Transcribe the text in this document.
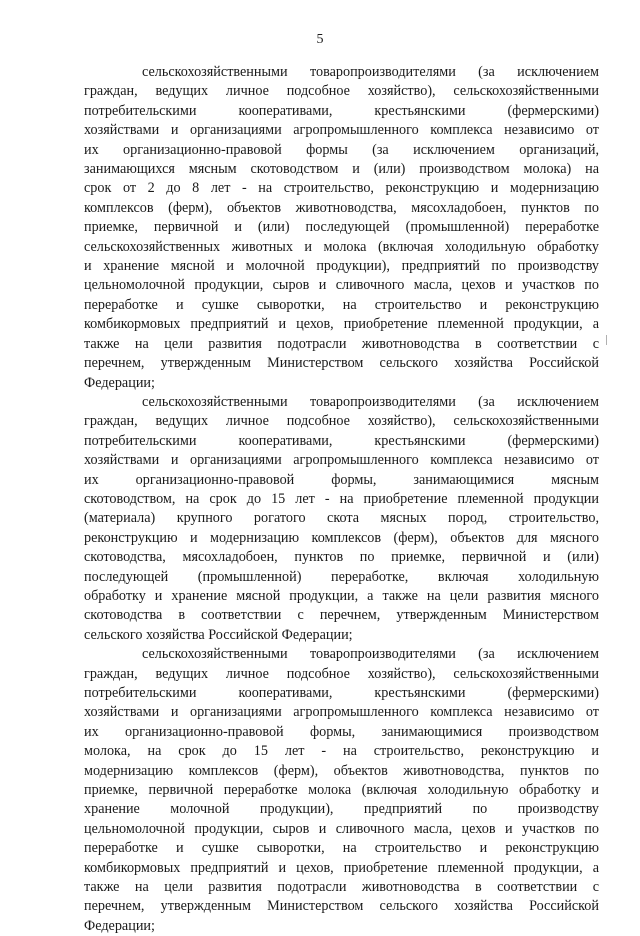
5
сельскохозяйственными товаропроизводителями (за исключением
граждан, ведущих личное подсобное хозяйство), сельскохозяйственными
потребительскими кооперативами, крестьянскими (фермерскими)
хозяйствами и организациями агропромышленного комплекса независимо от
их организационно-правовой формы (за исключением организаций,
занимающихся мясным скотоводством и (или) производством молока) на
срок от 2 до 8 лет - на строительство, реконструкцию и модернизацию
комплексов (ферм), объектов животноводства, мясохладобоен, пунктов по
приемке, первичной и (или) последующей (промышленной) переработке
сельскохозяйственных животных и молока (включая холодильную обработку
и хранение мясной и молочной продукции), предприятий по производству
цельномолочной продукции, сыров и сливочного масла, цехов и участков по
переработке и сушке сыворотки, на строительство и реконструкцию
комбикормовых предприятий и цехов, приобретение племенной продукции, а
также на цели развития подотрасли животноводства в соответствии с
перечнем, утвержденным Министерством сельского хозяйства Российской
Федерации;
сельскохозяйственными товаропроизводителями (за исключением
граждан, ведущих личное подсобное хозяйство), сельскохозяйственными
потребительскими кооперативами, крестьянскими (фермерскими)
хозяйствами и организациями агропромышленного комплекса независимо от
их организационно-правовой формы, занимающимися мясным
скотоводством, на срок до 15 лет - на приобретение племенной продукции
(материала) крупного рогатого скота мясных пород, строительство,
реконструкцию и модернизацию комплексов (ферм), объектов для мясного
скотоводства, мясохладобоен, пунктов по приемке, первичной и (или)
последующей (промышленной) переработке, включая холодильную
обработку и хранение мясной продукции, а также на цели развития мясного
скотоводства в соответствии с перечнем, утвержденным Министерством
сельского хозяйства Российской Федерации;
сельскохозяйственными товаропроизводителями (за исключением
граждан, ведущих личное подсобное хозяйство), сельскохозяйственными
потребительскими кооперативами, крестьянскими (фермерскими)
хозяйствами и организациями агропромышленного комплекса независимо от
их организационно-правовой формы, занимающимися производством
молока, на срок до 15 лет - на строительство, реконструкцию и
модернизацию комплексов (ферм), объектов животноводства, пунктов по
приемке, первичной переработке молока (включая холодильную обработку и
хранение молочной продукции), предприятий по производству
цельномолочной продукции, сыров и сливочного масла, цехов и участков по
переработке и сушке сыворотки, на строительство и реконструкцию
комбикормовых предприятий и цехов, приобретение племенной продукции, а
также на цели развития подотрасли животноводства в соответствии с
перечнем, утвержденным Министерством сельского хозяйства Российской
Федерации;
